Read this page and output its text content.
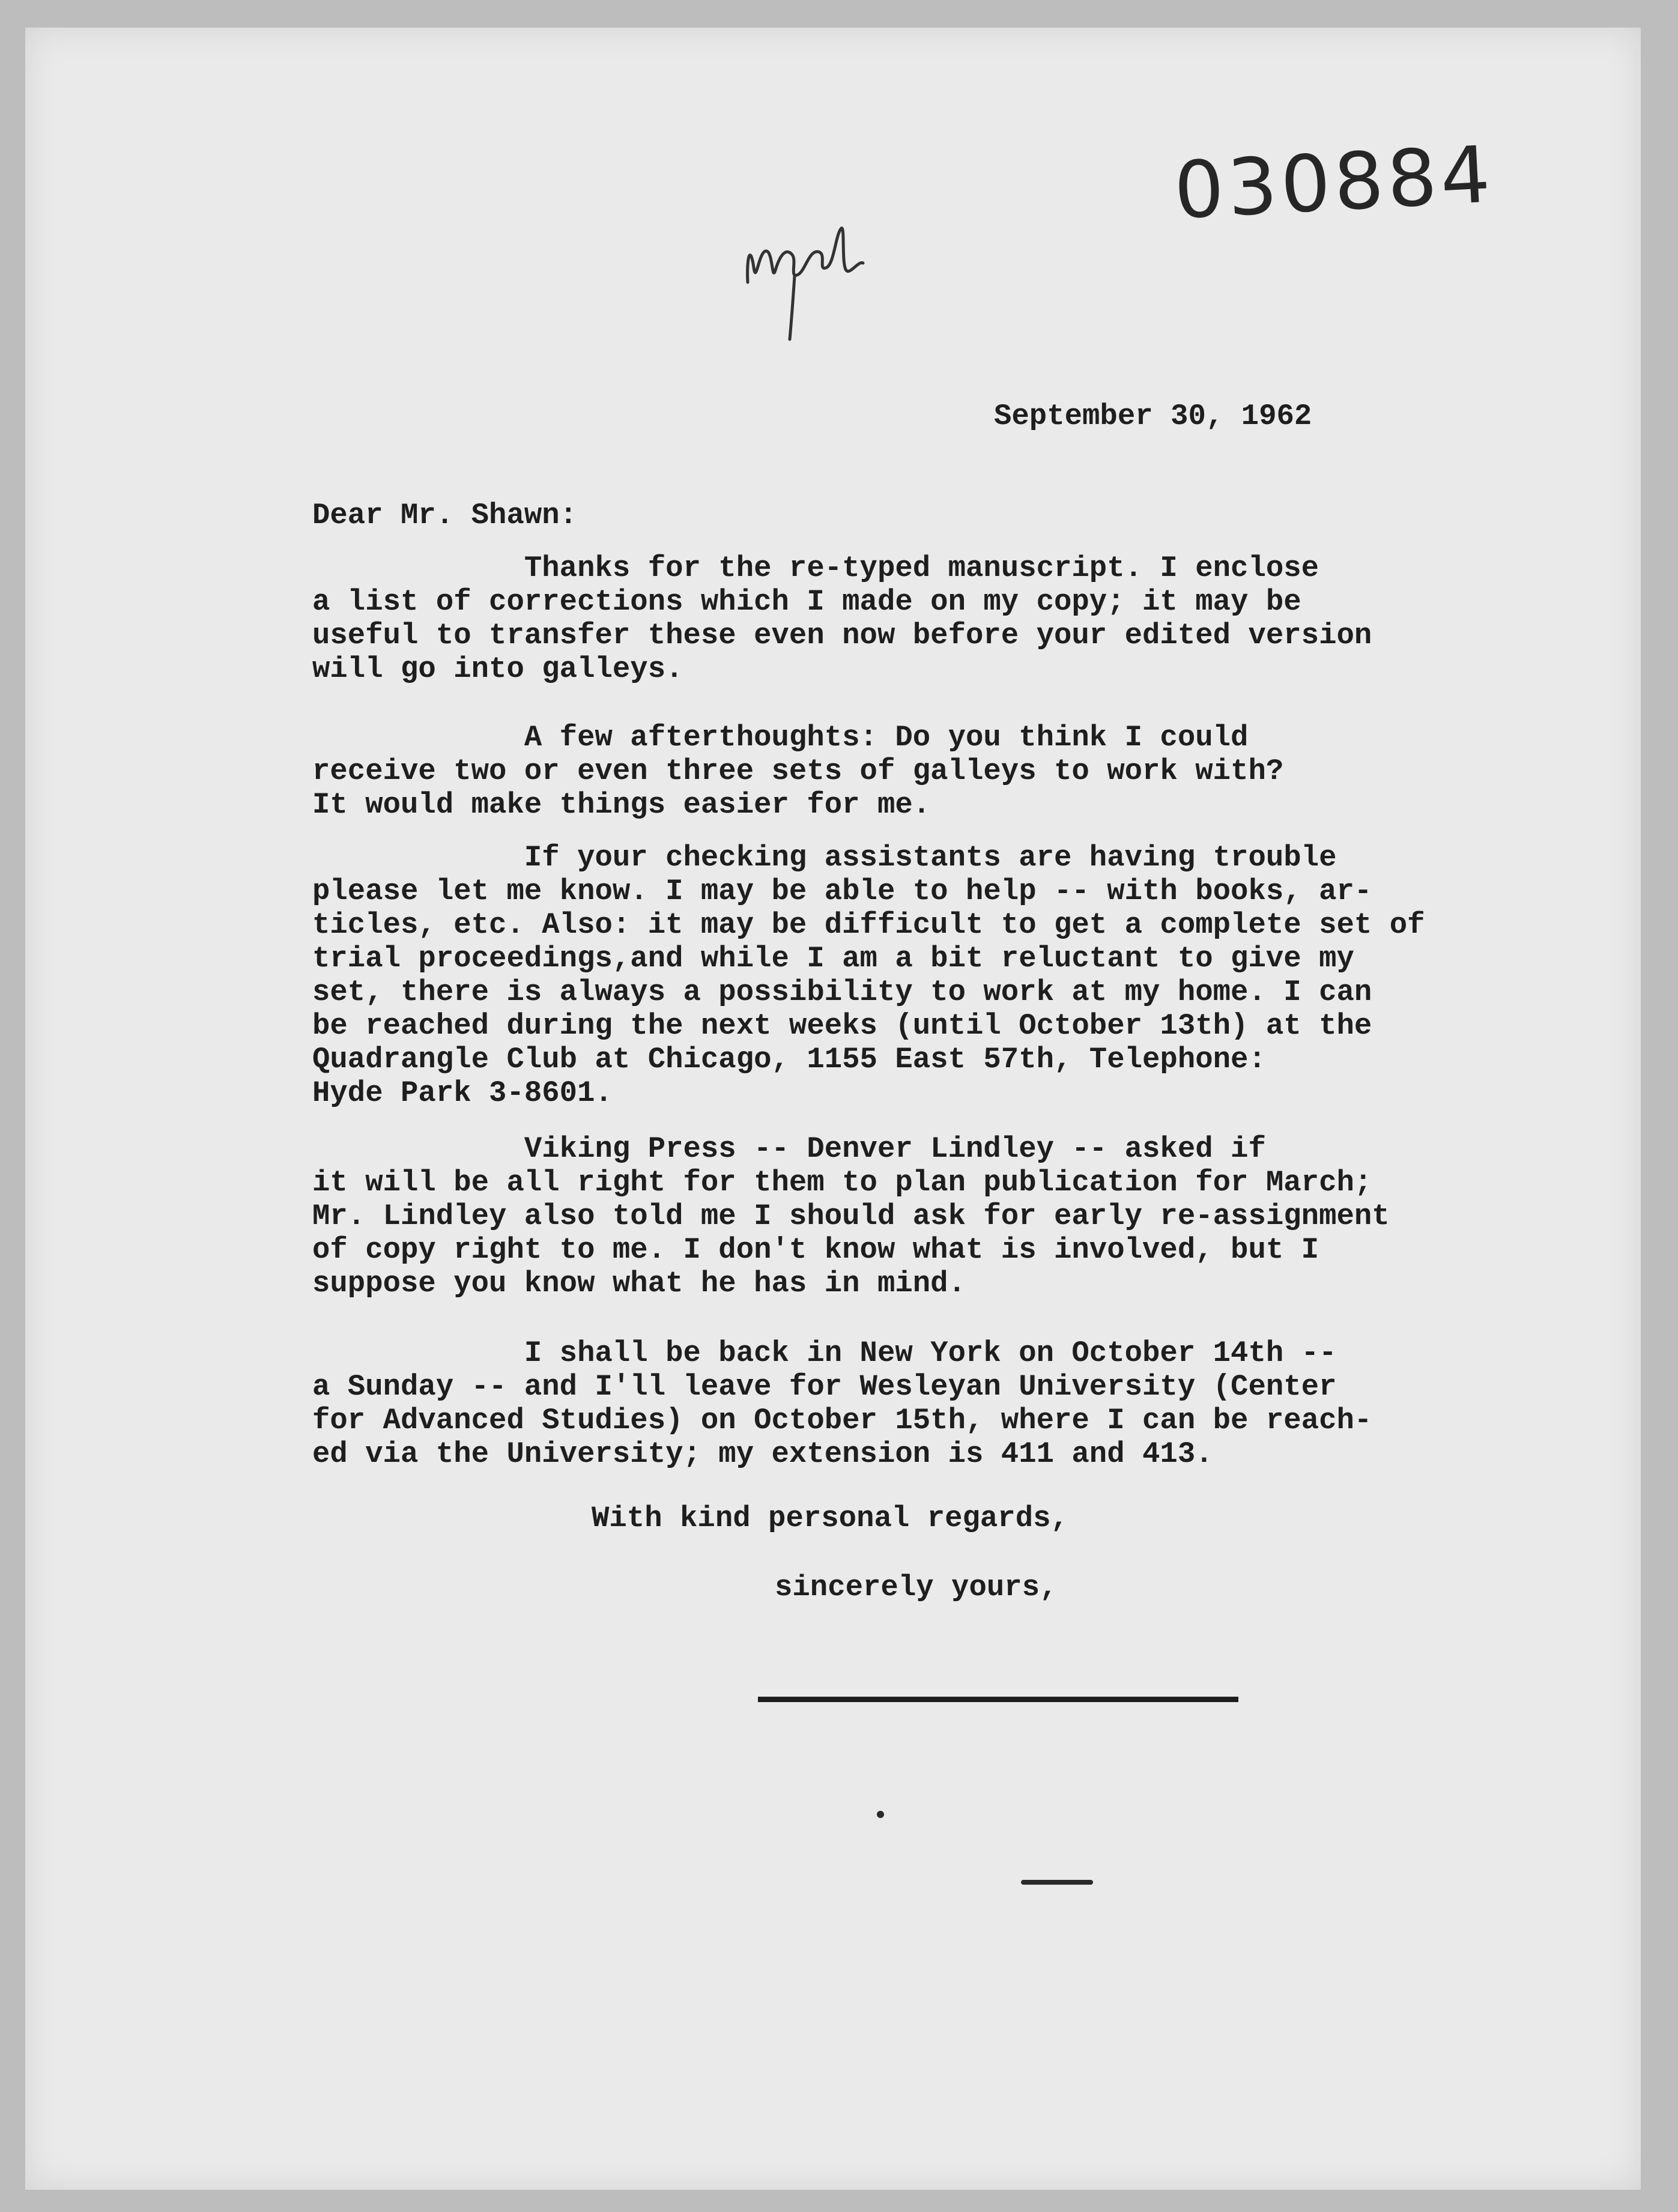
030884
September 30, 1962
Dear Mr. Shawn:
Thanks for the re-typed manuscript. I enclose
a list of corrections which I made on my copy; it may be
useful to transfer these even now before your edited version
will go into galleys.
A few afterthoughts: Do you think I could
receive two or even three sets of galleys to work with?
It would make things easier for me.
If your checking assistants are having trouble
please let me know. I may be able to help -- with books, ar-
ticles, etc. Also: it may be difficult to get a complete set of
trial proceedings,and while I am a bit reluctant to give my
set, there is always a possibility to work at my home. I can
be reached during the next weeks (until October 13th) at the
Quadrangle Club at Chicago, 1155 East 57th, Telephone:
Hyde Park 3-8601.
Viking Press -- Denver Lindley -- asked if
it will be all right for them to plan publication for March;
Mr. Lindley also told me I should ask for early re-assignment
of copy right to me. I don't know what is involved, but I
suppose you know what he has in mind.
I shall be back in New York on October 14th --
a Sunday -- and I'll leave for Wesleyan University (Center
for Advanced Studies) on October 15th, where I can be reach-
ed via the University; my extension is 411 and 413.
With kind personal regards,
sincerely yours,
